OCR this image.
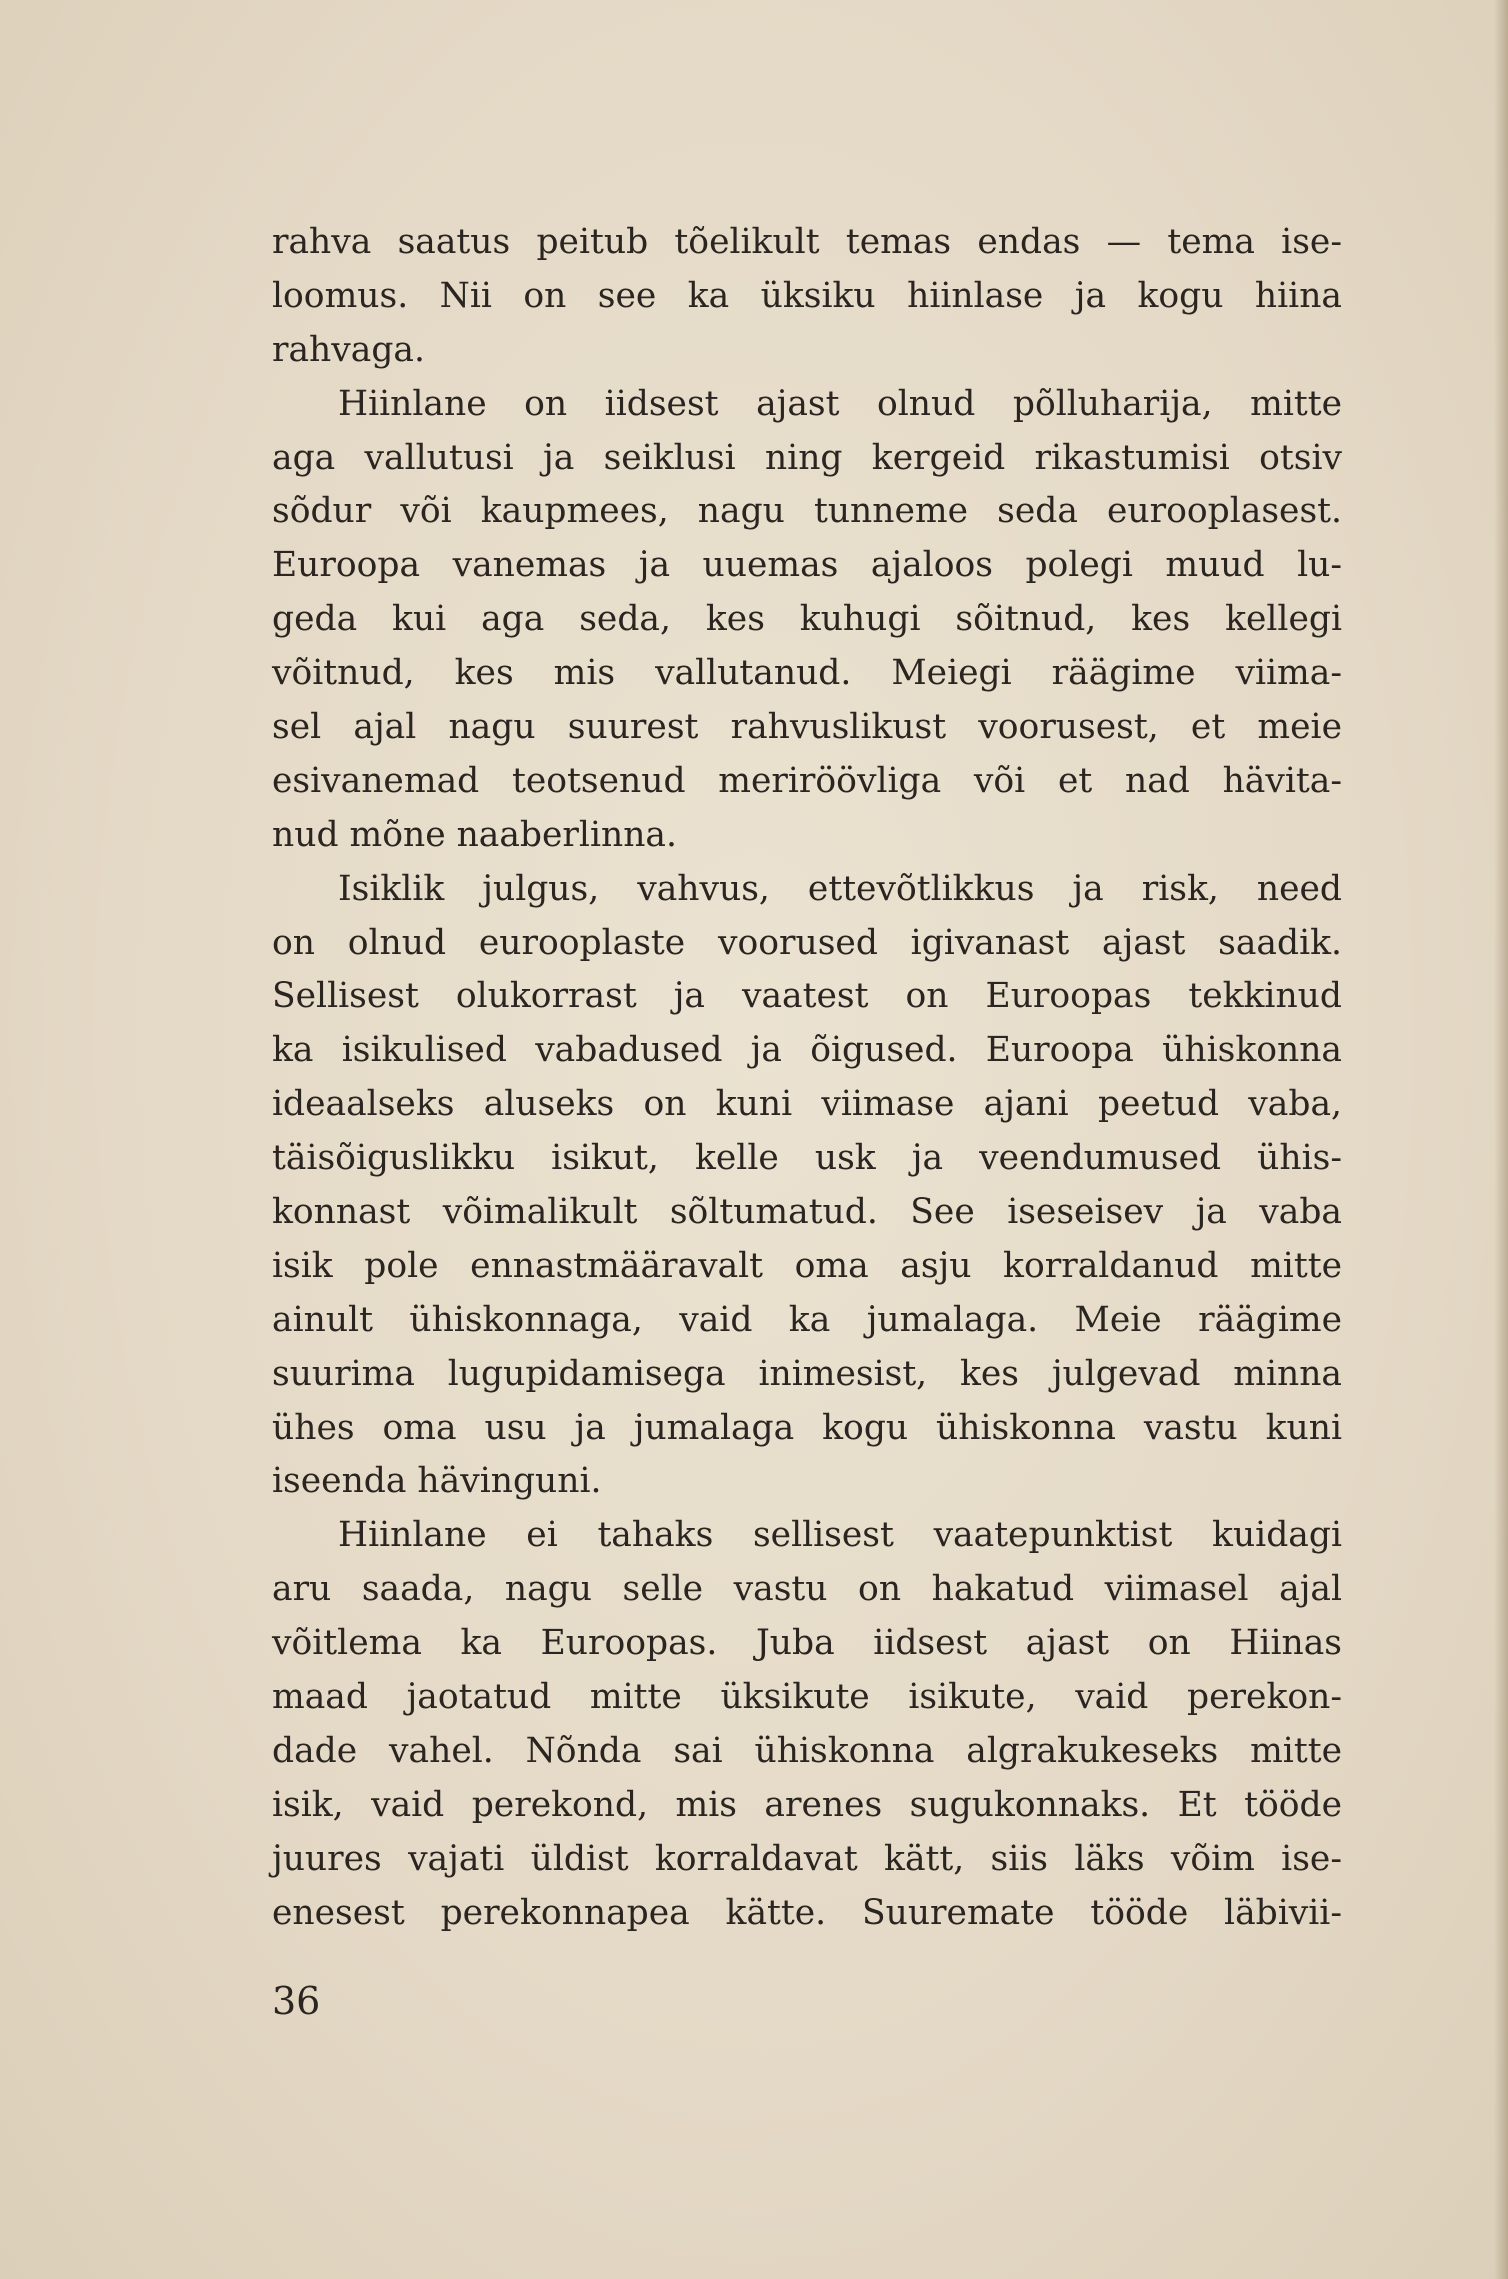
rahva saatus peitub tõelikult temas endas — tema ise-
loomus. Nii on see ka üksiku hiinlase ja kogu hiina
rahvaga.
Hiinlane on iidsest ajast olnud põlluharija, mitte
aga vallutusi ja seiklusi ning kergeid rikastumisi otsiv
sõdur või kaupmees, nagu tunneme seda eurooplasest.
Euroopa vanemas ja uuemas ajaloos polegi muud lu-
geda kui aga seda, kes kuhugi sõitnud, kes kellegi
võitnud, kes mis vallutanud. Meiegi räägime viima-
sel ajal nagu suurest rahvuslikust voorusest, et meie
esivanemad teotsenud meriröövliga või et nad hävita-
nud mõne naaberlinna.
Isiklik julgus, vahvus, ettevõtlikkus ja risk, need
on olnud eurooplaste voorused igivanast ajast saadik.
Sellisest olukorrast ja vaatest on Euroopas tekkinud
ka isikulised vabadused ja õigused. Euroopa ühiskonna
ideaalseks aluseks on kuni viimase ajani peetud vaba,
täisõiguslikku isikut, kelle usk ja veendumused ühis-
konnast võimalikult sõltumatud. See iseseisev ja vaba
isik pole ennastmääravalt oma asju korraldanud mitte
ainult ühiskonnaga, vaid ka jumalaga. Meie räägime
suurima lugupidamisega inimesist, kes julgevad minna
ühes oma usu ja jumalaga kogu ühiskonna vastu kuni
iseenda hävinguni.
Hiinlane ei tahaks sellisest vaatepunktist kuidagi
aru saada, nagu selle vastu on hakatud viimasel ajal
võitlema ka Euroopas. Juba iidsest ajast on Hiinas
maad jaotatud mitte üksikute isikute, vaid perekon-
dade vahel. Nõnda sai ühiskonna algrakukeseks mitte
isik, vaid perekond, mis arenes sugukonnaks. Et tööde
juures vajati üldist korraldavat kätt, siis läks võim ise-
enesest perekonnapea kätte. Suuremate tööde läbivii-
36
